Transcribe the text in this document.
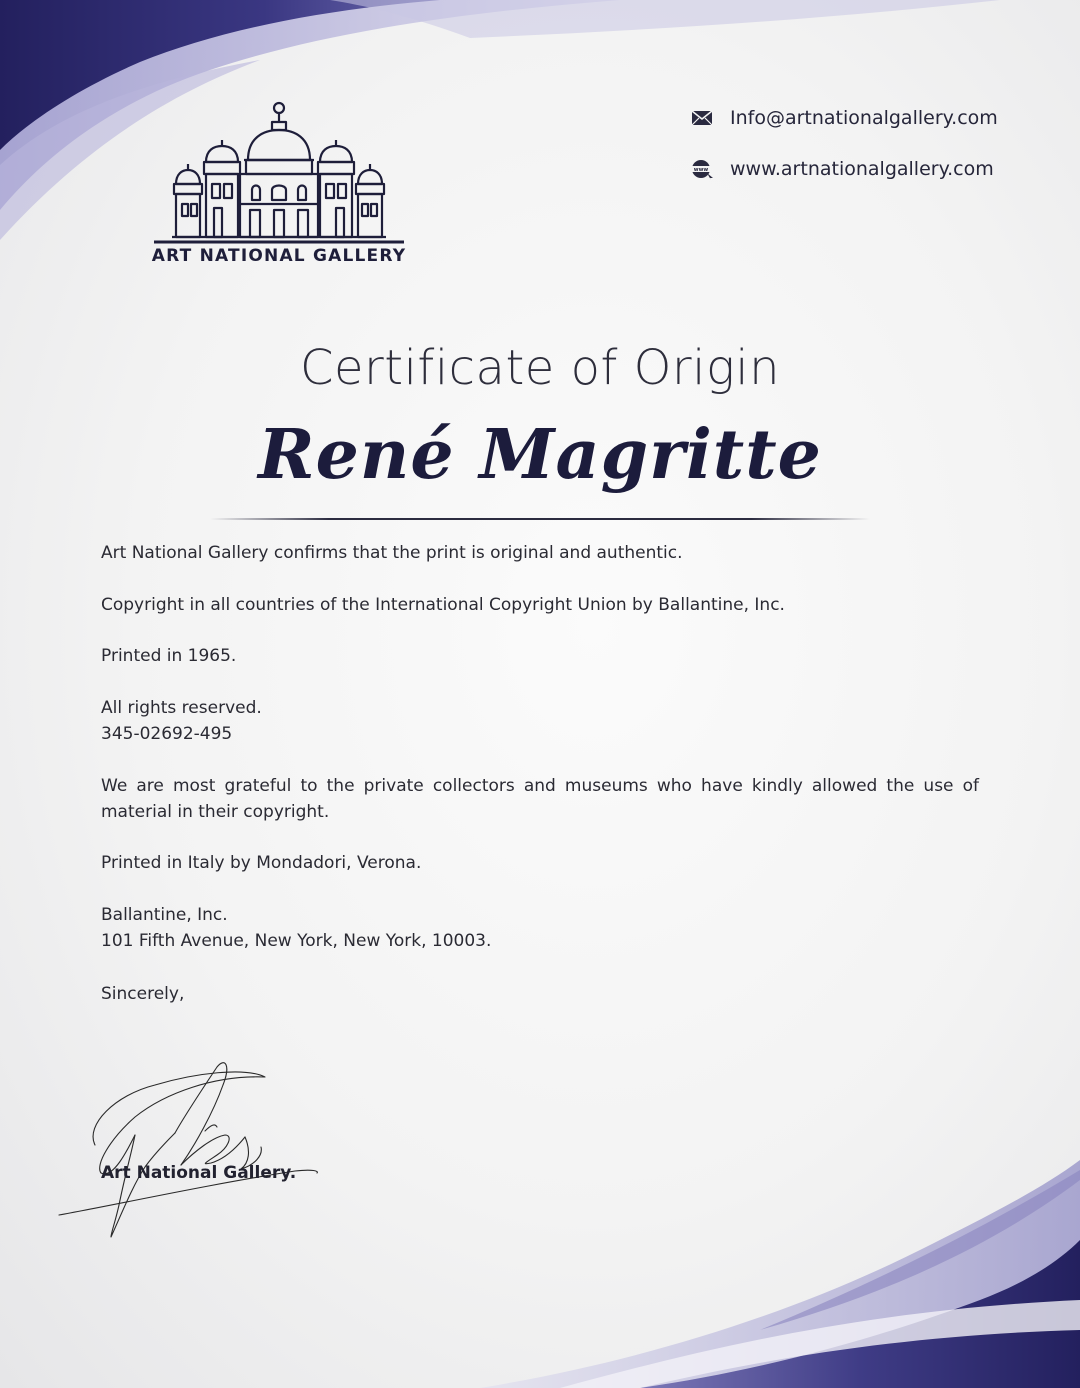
ART NATIONAL GALLERY
Info@artnationalgallery.com
www www.artnationalgallery.com
Certificate of Origin
René Magritte

Art National Gallery confirms that the print is original and authentic.

Copyright in all countries of the International Copyright Union by Ballantine, Inc.

Printed in 1965.

All rights reserved.

345-02692-495

We are most grateful to the private collectors and museums who have kindly allowed the use of material in their copyright.

Printed in Italy by Mondadori, Verona.

Ballantine, Inc.

101 Fifth Avenue, New York, New York, 10003.

Sincerely,

Art National Gallery.
